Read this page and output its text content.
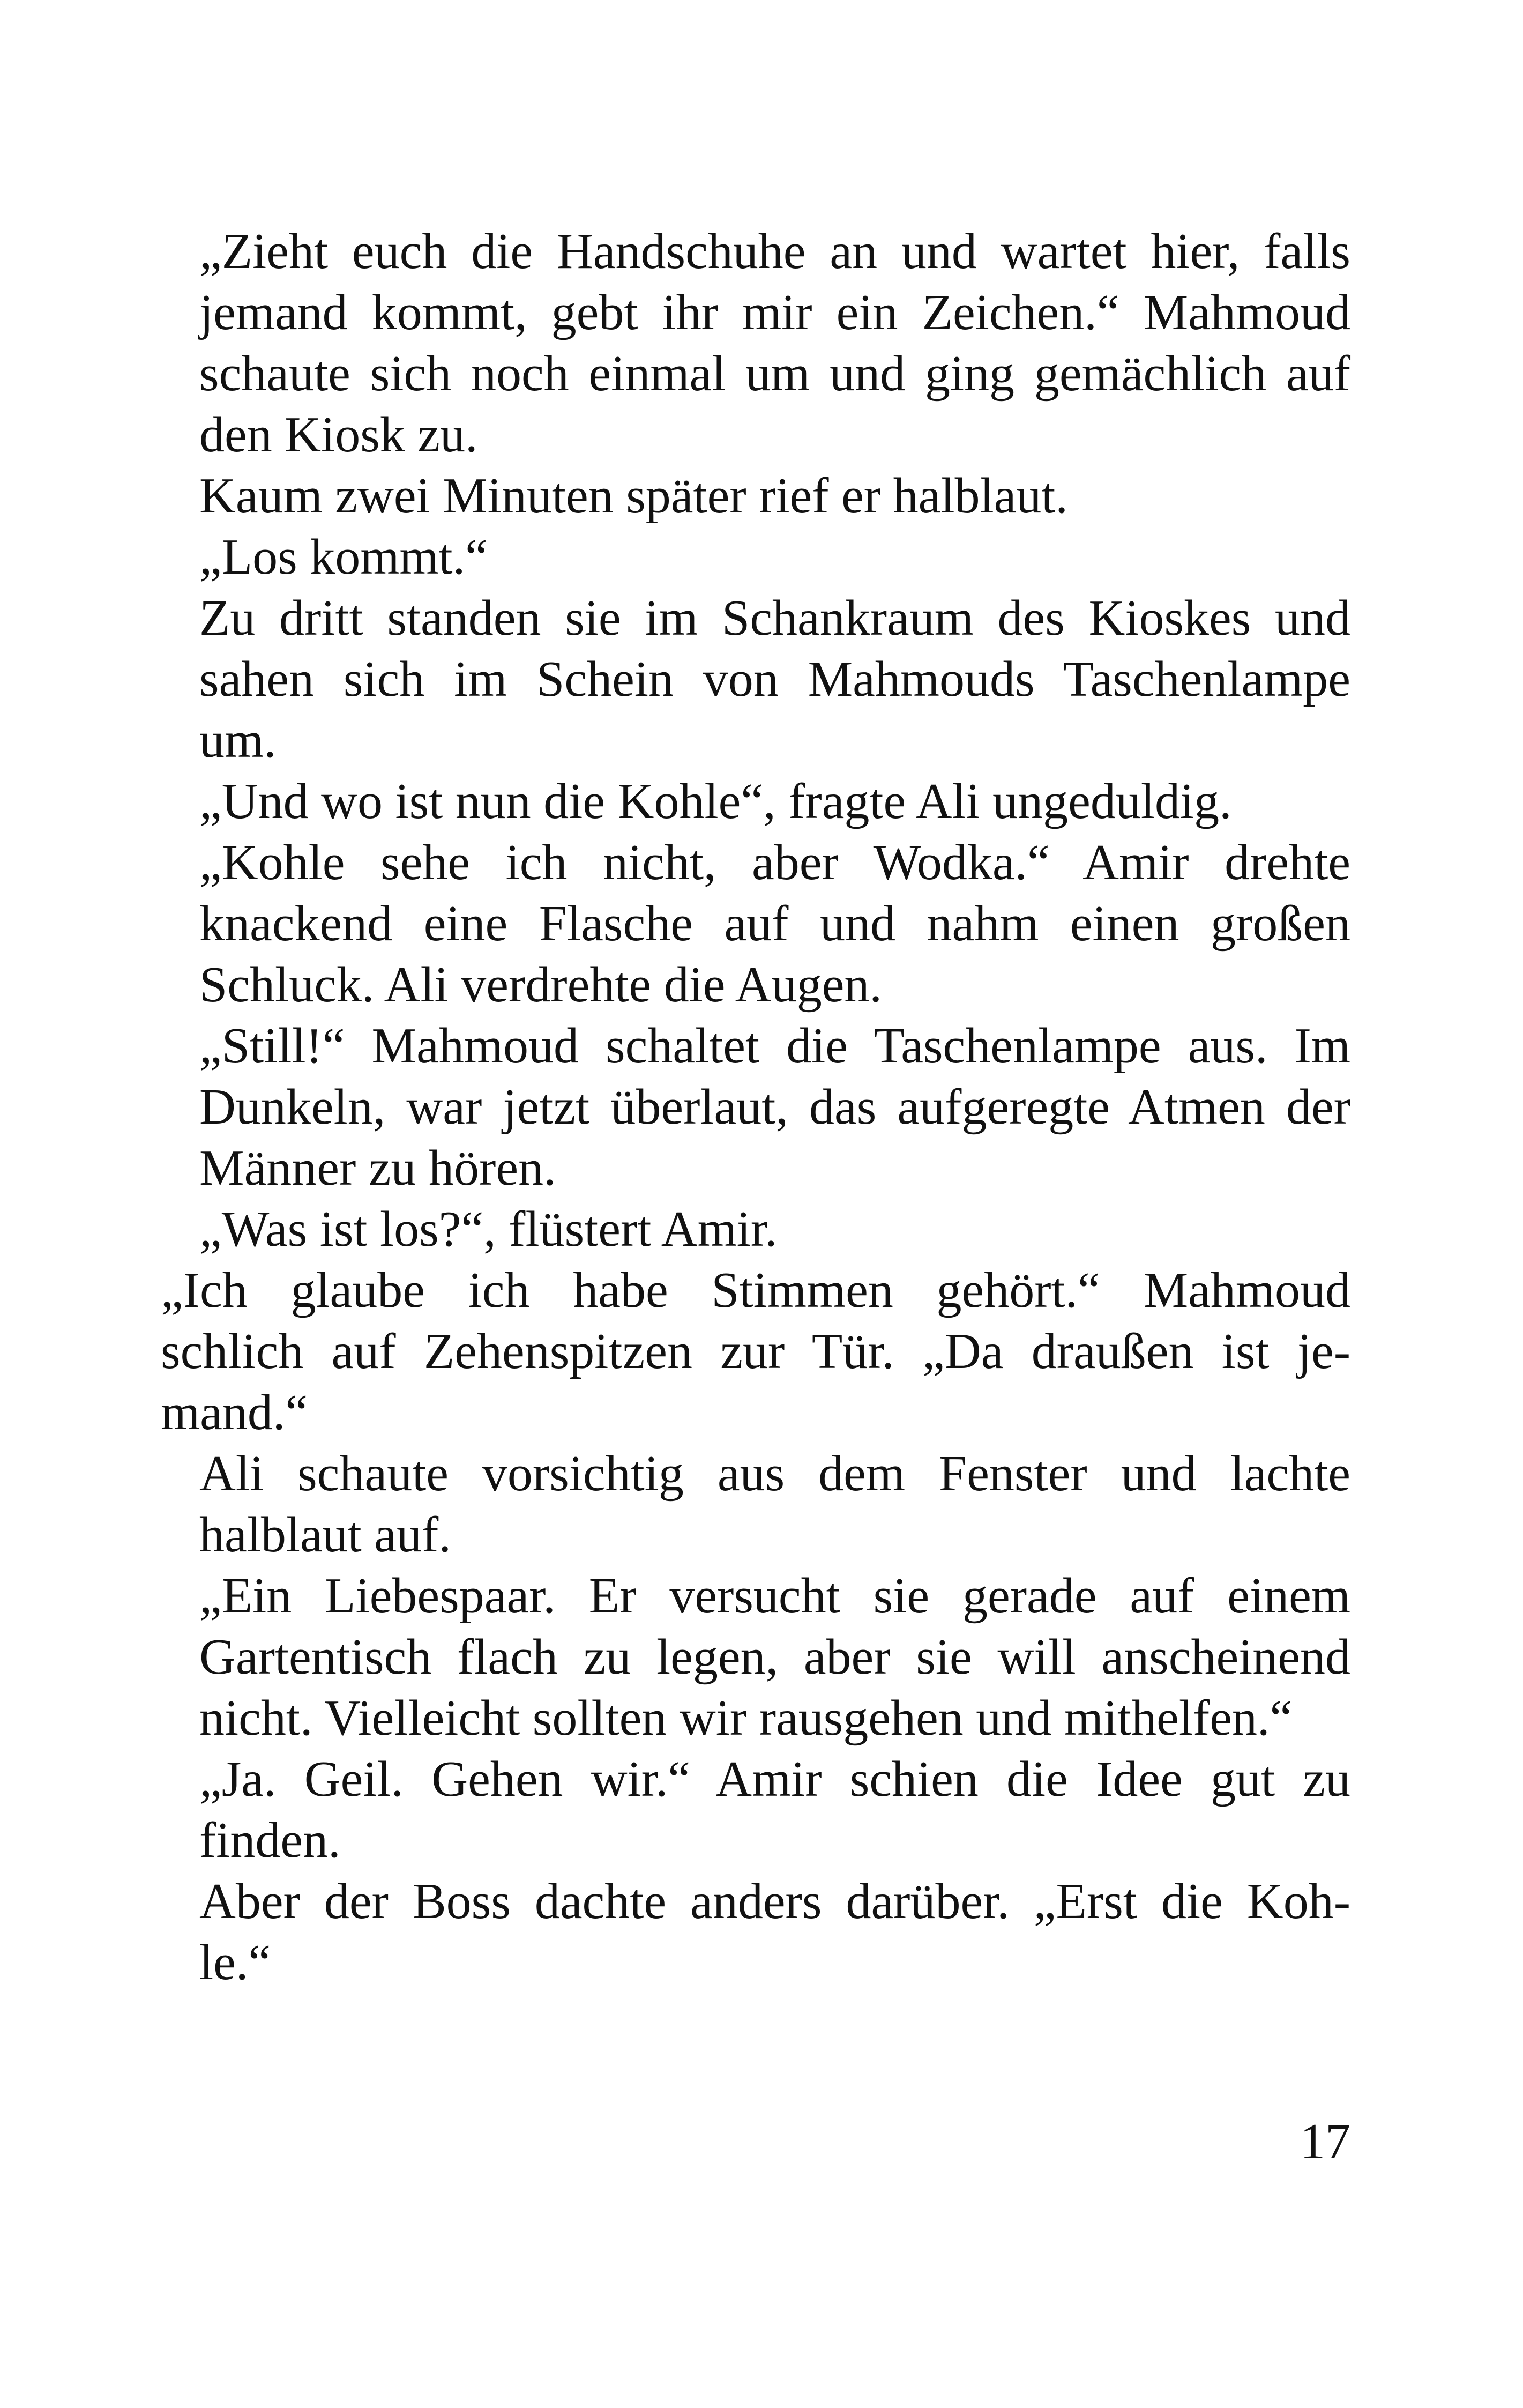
„Zieht euch die Handschuhe an und wartet hier, falls
jemand kommt, gebt ihr mir ein Zeichen.“ Mahmoud
schaute sich noch einmal um und ging gemächlich auf
den Kiosk zu.

Kaum zwei Minuten später rief er halblaut.

„Los kommt.“

Zu dritt standen sie im Schankraum des Kioskes und
sahen sich im Schein von Mahmouds Taschenlampe
um.

„Und wo ist nun die Kohle“, fragte Ali ungeduldig.

„Kohle sehe ich nicht, aber Wodka.“ Amir drehte
knackend eine Flasche auf und nahm einen großen
Schluck. Ali verdrehte die Augen.

„Still!“ Mahmoud schaltet die Taschenlampe aus. Im
Dunkeln, war jetzt überlaut, das aufgeregte Atmen der
Männer zu hören.

„Was ist los?“, flüstert Amir.

„Ich glaube ich habe Stimmen gehört.“ Mahmoud
schlich auf Zehenspitzen zur Tür. „Da draußen ist je-
mand.“

Ali schaute vorsichtig aus dem Fenster und lachte
halblaut auf.

„Ein Liebespaar. Er versucht sie gerade auf einem
Gartentisch flach zu legen, aber sie will anscheinend
nicht. Vielleicht sollten wir rausgehen und mithelfen.“

„Ja. Geil. Gehen wir.“ Amir schien die Idee gut zu
finden.

Aber der Boss dachte anders darüber. „Erst die Koh-
le.“

17
